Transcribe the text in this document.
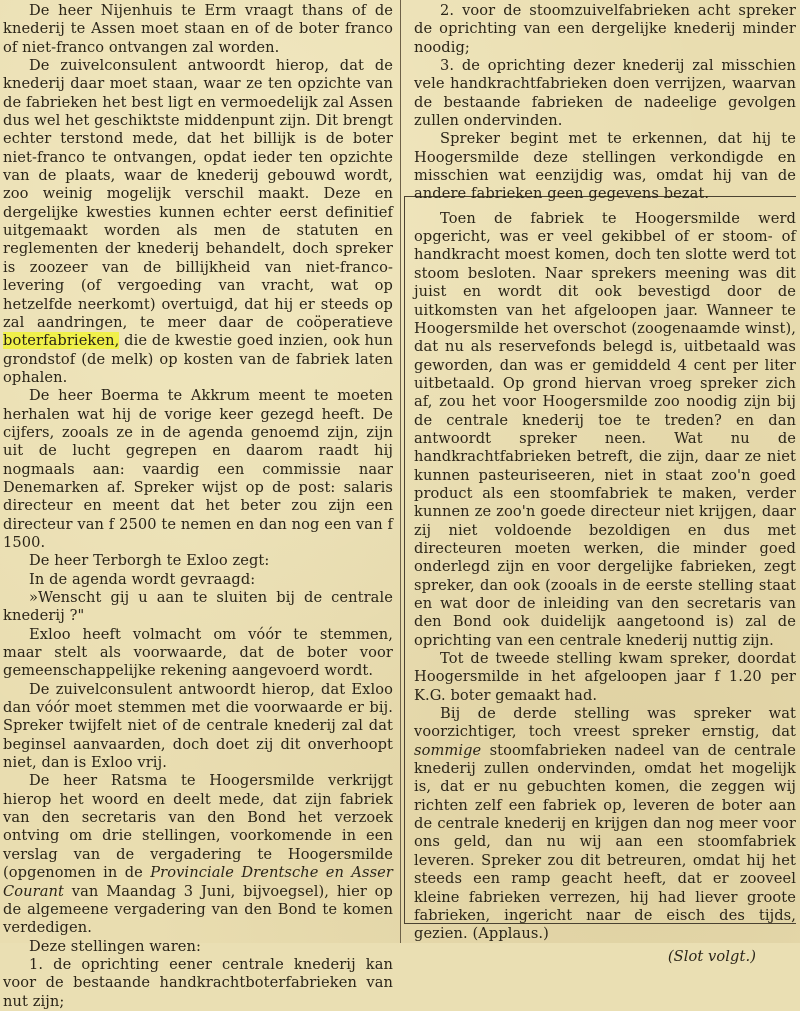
De heer Nijenhuis te Erm vraagt thans of de knederij te Assen moet staan en of de boter franco of niet-franco ontvangen zal worden.

De zuivelconsulent antwoordt hierop, dat de knederij daar moet staan, waar ze ten opzichte van de fabrieken het best ligt en vermoedelijk zal Assen dus wel het geschiktste middenpunt zijn. Dit brengt echter terstond mede, dat het billijk is de boter niet-franco te ontvangen, opdat ieder ten opzichte van de plaats, waar de knederij gebouwd wordt, zoo weinig mogelijk verschil maakt. Deze en dergelijke kwesties kunnen echter eerst definitief uitgemaakt worden als men de statuten en reglementen der knederij behandelt, doch spreker is zoozeer van de billijkheid van niet-franco-levering (of vergoeding van vracht, wat op hetzelfde neerkomt) overtuigd, dat hij er steeds op zal aandringen, te meer daar de coöperatieve boterfabrieken, die de kwestie goed inzien, ook hun grondstof (de melk) op kosten van de fabriek laten ophalen.

De heer Boerma te Akkrum meent te moeten herhalen wat hij de vorige keer gezegd heeft. De cijfers, zooals ze in de agenda genoemd zijn, zijn uit de lucht gegrepen en daarom raadt hij nogmaals aan: vaardig een commissie naar Denemarken af. Spreker wijst op de post: salaris directeur en meent dat het beter zou zijn een directeur van f 2500 te nemen en dan nog een van f 1500.

De heer Terborgh te Exloo zegt:

In de agenda wordt gevraagd:

»Wenscht gij u aan te sluiten bij de centrale knederij ?"

Exloo heeft volmacht om vóór te stemmen, maar stelt als voorwaarde, dat de boter voor gemeenschappelijke rekening aangevoerd wordt.

De zuivelconsulent antwoordt hierop, dat Exloo dan vóór moet stemmen met die voorwaarde er bij. Spreker twijfelt niet of de centrale knederij zal dat beginsel aanvaarden, doch doet zij dit onverhoopt niet, dan is Exloo vrij.

De heer Ratsma te Hoogersmilde verkrijgt hierop het woord en deelt mede, dat zijn fabriek van den secretaris van den Bond het verzoek ontving om drie stellingen, voorkomende in een verslag van de vergadering te Hoogersmilde (opgenomen in de Provinciale Drentsche en Asser Courant van Maandag 3 Juni, bijvoegsel), hier op de algemeene vergadering van den Bond te komen verdedigen.

Deze stellingen waren:

1. de oprichting eener centrale knederij kan voor de bestaande handkrachtboterfabrieken van nut zijn;

2. voor de stoomzuivelfabrieken acht spreker de oprichting van een dergelijke knederij minder noodig;

3. de oprichting dezer knederij zal misschien vele handkrachtfabrieken doen verrijzen, waarvan de bestaande fabrieken de nadeelige gevolgen zullen ondervinden.

Spreker begint met te erkennen, dat hij te Hoogersmilde deze stellingen verkondigde en misschien wat eenzijdig was, omdat hij van de andere fabrieken geen gegevens bezat.

Toen de fabriek te Hoogersmilde werd opgericht, was er veel gekibbel of er stoom- of handkracht moest komen, doch ten slotte werd tot stoom besloten. Naar sprekers meening was dit juist en wordt dit ook bevestigd door de uitkomsten van het afgeloopen jaar. Wanneer te Hoogersmilde het overschot (zoogenaamde winst), dat nu als reservefonds belegd is, uitbetaald was geworden, dan was er gemiddeld 4 cent per liter uitbetaald. Op grond hiervan vroeg spreker zich af, zou het voor Hoogersmilde zoo noodig zijn bij de centrale knederij toe te treden? en dan antwoordt spreker neen. Wat nu de handkrachtfabrieken betreft, die zijn, daar ze niet kunnen pasteuriseeren, niet in staat zoo'n goed product als een stoomfabriek te maken, verder kunnen ze zoo'n goede directeur niet krijgen, daar zij niet voldoende bezoldigen en dus met directeuren moeten werken, die minder goed onderlegd zijn en voor dergelijke fabrieken, zegt spreker, dan ook (zooals in de eerste stelling staat en wat door de inleiding van den secretaris van den Bond ook duidelijk aangetoond is) zal de oprichting van een centrale knederij nuttig zijn.

Tot de tweede stelling kwam spreker, doordat Hoogersmilde in het afgeloopen jaar f 1.20 per K.G. boter gemaakt had.

Bij de derde stelling was spreker wat voorzichtiger, toch vreest spreker ernstig, dat sommige stoomfabrieken nadeel van de centrale knederij zullen ondervinden, omdat het mogelijk is, dat er nu gebuchten komen, die zeggen wij richten zelf een fabriek op, leveren de boter aan de centrale knederij en krijgen dan nog meer voor ons geld, dan nu wij aan een stoomfabriek leveren. Spreker zou dit betreuren, omdat hij het steeds een ramp geacht heeft, dat er zooveel kleine fabrieken verrezen, hij had liever groote fabrieken, ingericht naar de eisch des tijds, gezien. (Applaus.)

(Slot volgt.)
